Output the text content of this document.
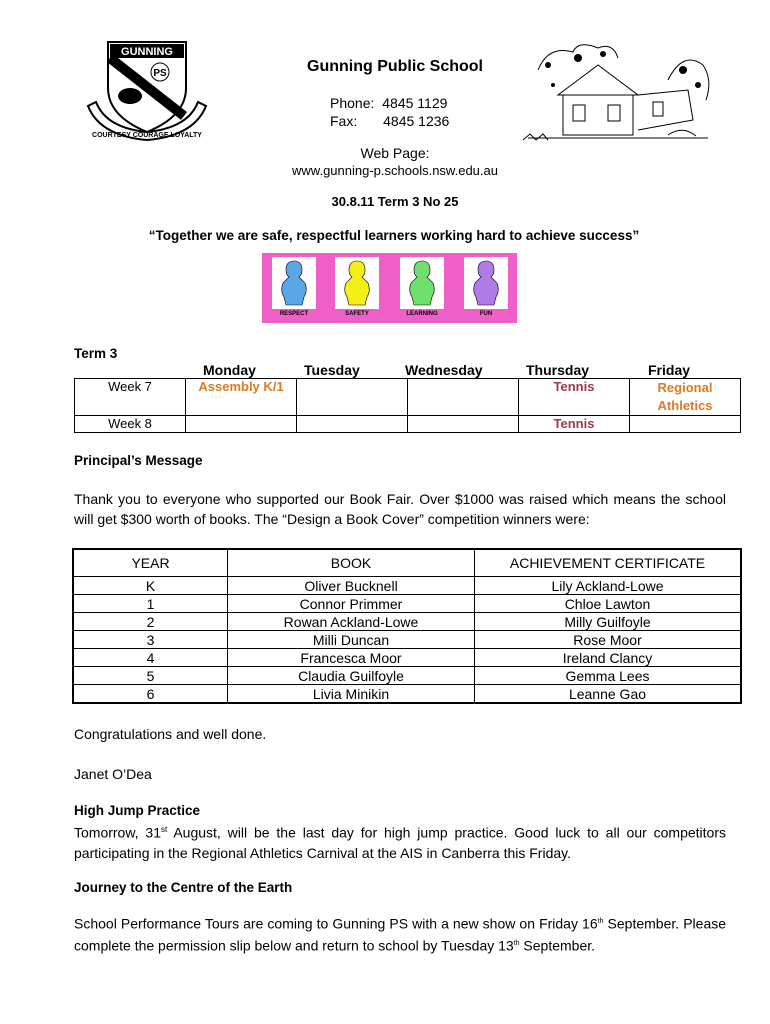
GUNNING
PS
COURTESY COURAGE LOYALTY
Gunning Public School
Phone: 4845 1129
Fax: 4845 1236
Web Page:
www.gunning-p.schools.nsw.edu.au
30.8.11 Term 3 No 25
“Together we are safe, respectful learners working hard to achieve success”
RESPECT	SAFETY	LEARNING	FUN
Term 3
Monday	Tuesday	Wednesday	Thursday	Friday
Week 7	Assembly K/1			Tennis	Regional Athletics
Week 8				Tennis	
Principal’s Message
Thank you to everyone who supported our Book Fair. Over $1000 was raised which means the school will get $300 worth of books. The “Design a Book Cover” competition winners were:
YEAR	BOOK	ACHIEVEMENT CERTIFICATE
K	Oliver Bucknell	Lily Ackland-Lowe
1	Connor Primmer	Chloe Lawton
2	Rowan Ackland-Lowe	Milly Guilfoyle
3	Milli Duncan	Rose Moor
4	Francesca Moor	Ireland Clancy
5	Claudia Guilfoyle	Gemma Lees
6	Livia Minikin	Leanne Gao
Congratulations and well done.
Janet O’Dea
High Jump Practice
Tomorrow, 31st August, will be the last day for high jump practice. Good luck to all our competitors participating in the Regional Athletics Carnival at the AIS in Canberra this Friday.
Journey to the Centre of the Earth
School Performance Tours are coming to Gunning PS with a new show on Friday 16th September. Please complete the permission slip below and return to school by Tuesday 13th September.
